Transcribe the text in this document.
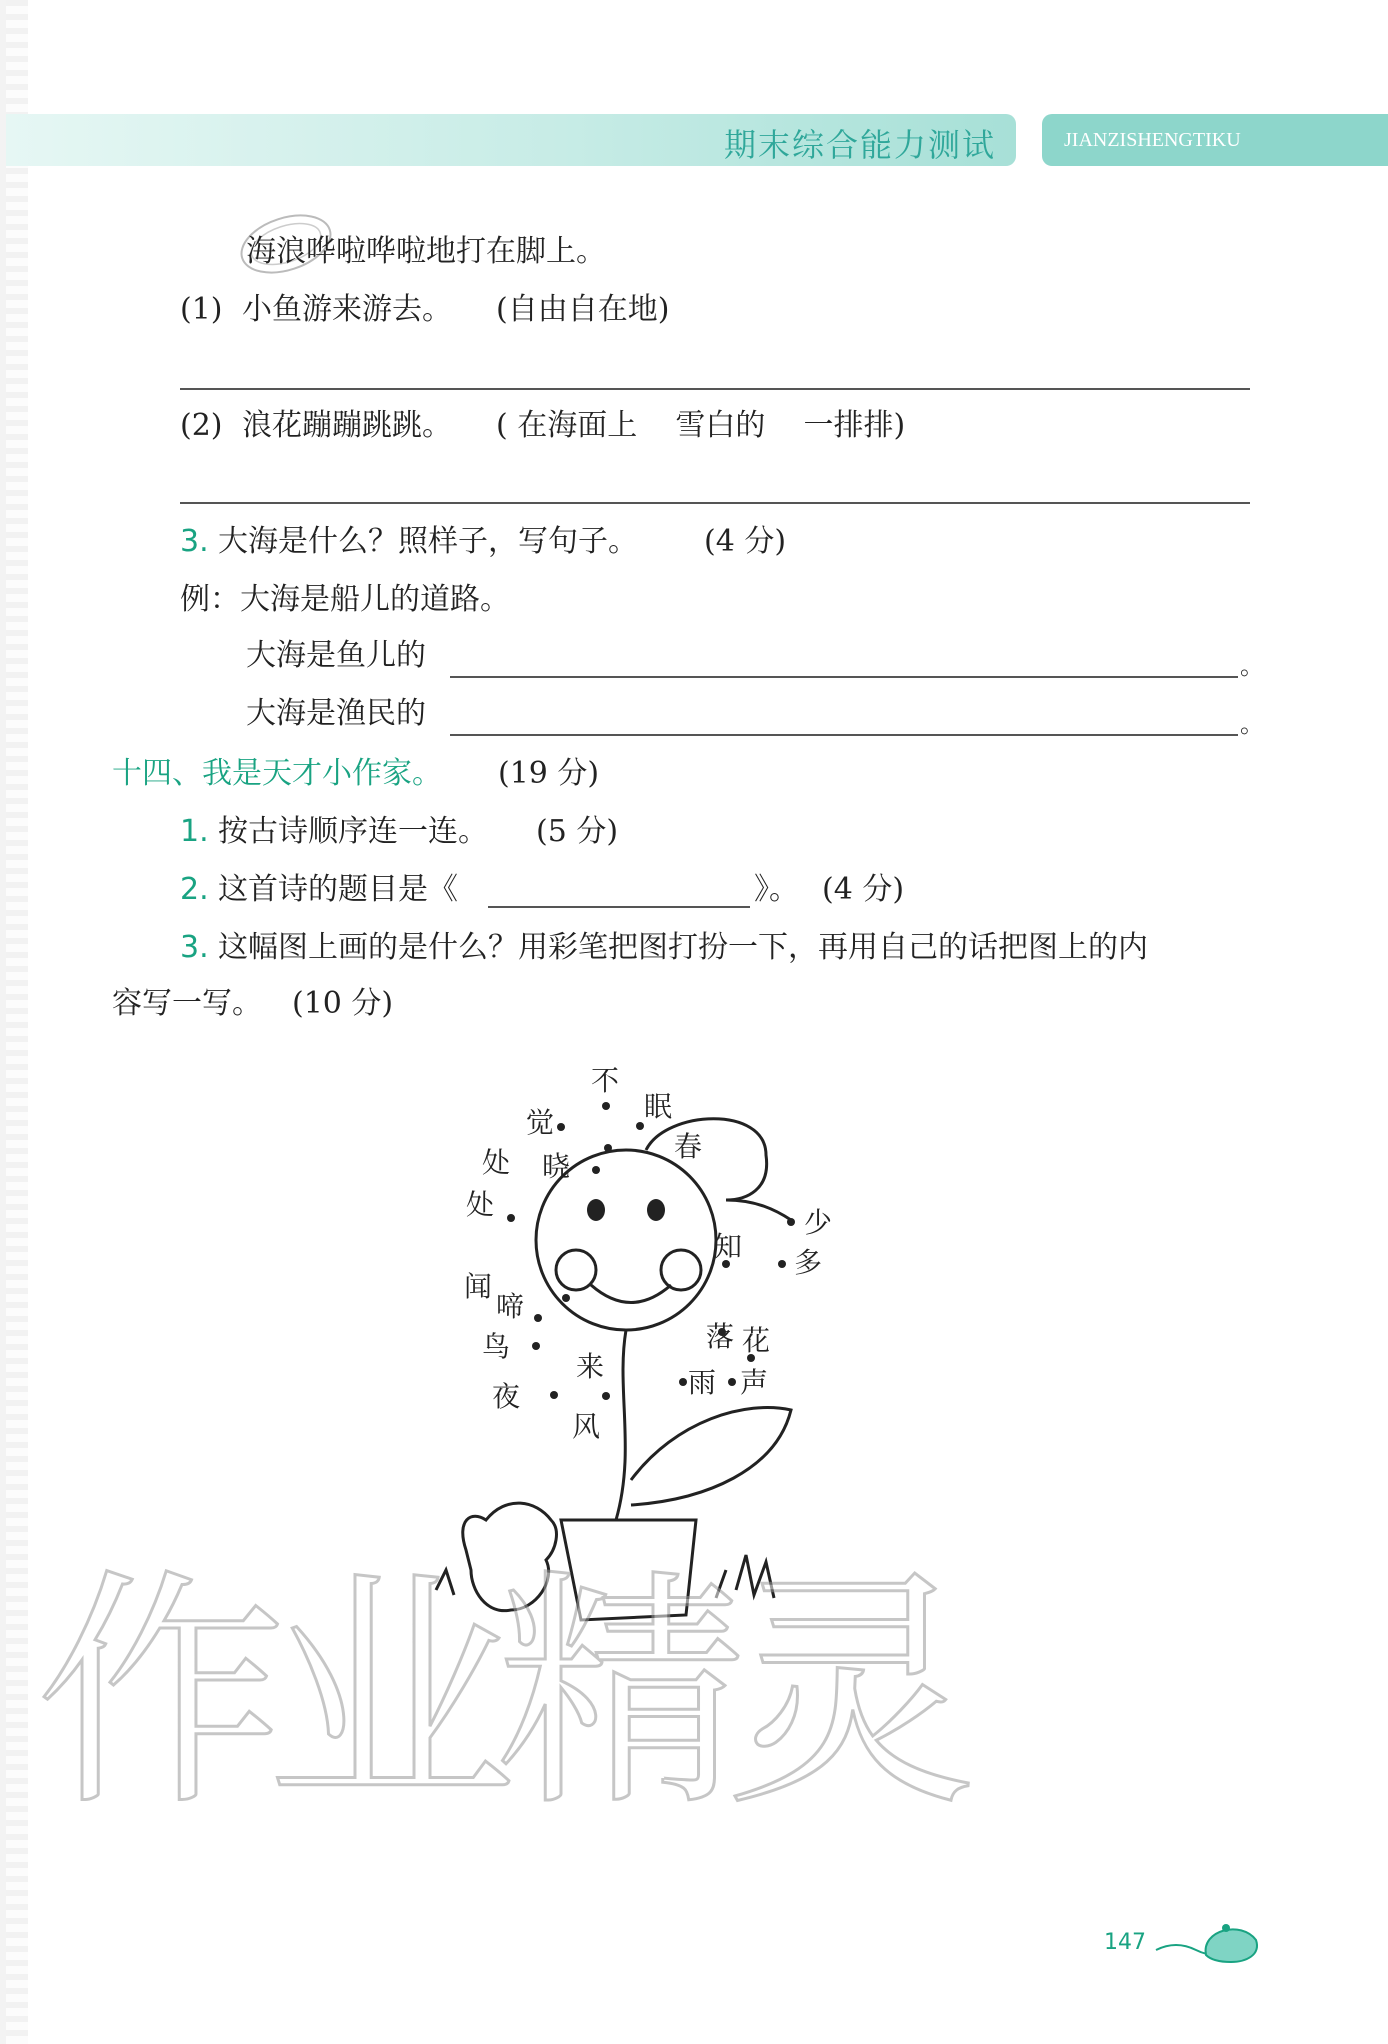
期末综合能力测试	JIANZISHENGTIKU
海浪哗啦哗啦地打在脚上。
(1) 小鱼游来游去。 (自由自在地)
(2) 浪花蹦蹦跳跳。 ( 在海面上    雪白的    一排排)
3. 大海是什么？照样子，写句子。 (4 分)
例：大海是船儿的道路。
大海是鱼儿的	。
大海是渔民的	。
十四、我是天才小作家。 (19 分)
1. 按古诗顺序连一连。 (5 分)
2. 这首诗的题目是《	》。 (4 分)
3. 这幅图上画的是什么？用彩笔把图打扮一下，再用自己的话把图上的内
容写一写。 (10 分)
不
眠
觉
春
晓
处
处
少
多
知
闻
啼
鸟	落 花
来	雨 声
夜
风
作业精灵
147
